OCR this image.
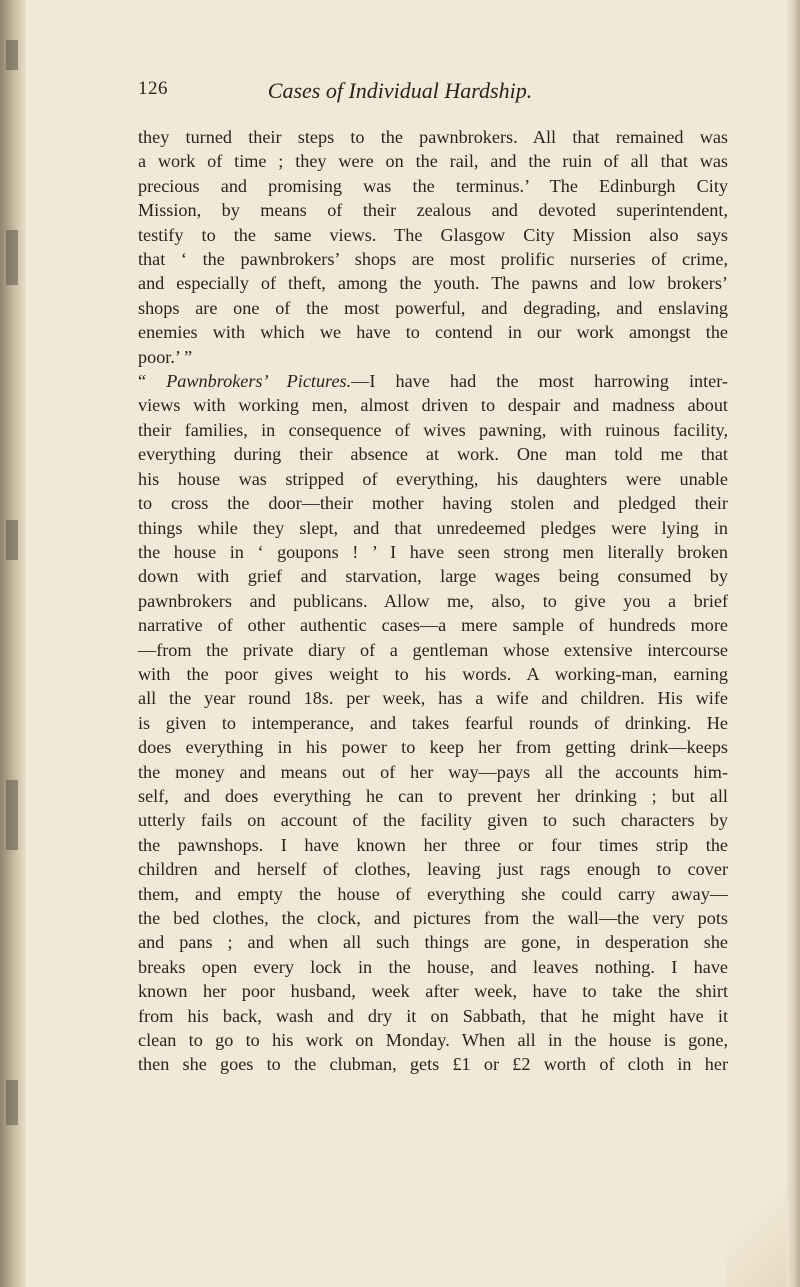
126	Cases of Individual Hardship.
they turned their steps to the pawnbrokers. All that remained was
a work of time ; they were on the rail, and the ruin of all that was
precious and promising was the terminus.’ The Edinburgh City
Mission, by means of their zealous and devoted superintendent,
testify to the same views. The Glasgow City Mission also says
that ‘ the pawnbrokers’ shops are most prolific nurseries of crime,
and especially of theft, among the youth. The pawns and low brokers’
shops are one of the most powerful, and degrading, and enslaving
enemies with which we have to contend in our work amongst the
poor.’ ”
“ Pawnbrokers’ Pictures.—I have had the most harrowing inter-
views with working men, almost driven to despair and madness about
their families, in consequence of wives pawning, with ruinous facility,
everything during their absence at work. One man told me that
his house was stripped of everything, his daughters were unable
to cross the door—their mother having stolen and pledged their
things while they slept, and that unredeemed pledges were lying in
the house in ‘ goupons ! ’ I have seen strong men literally broken
down with grief and starvation, large wages being consumed by
pawnbrokers and publicans. Allow me, also, to give you a brief
narrative of other authentic cases—a mere sample of hundreds more
—from the private diary of a gentleman whose extensive intercourse
with the poor gives weight to his words. A working-man, earning
all the year round 18s. per week, has a wife and children. His wife
is given to intemperance, and takes fearful rounds of drinking. He
does everything in his power to keep her from getting drink—keeps
the money and means out of her way—pays all the accounts him-
self, and does everything he can to prevent her drinking ; but all
utterly fails on account of the facility given to such characters by
the pawnshops. I have known her three or four times strip the
children and herself of clothes, leaving just rags enough to cover
them, and empty the house of everything she could carry away—
the bed clothes, the clock, and pictures from the wall—the very pots
and pans ; and when all such things are gone, in desperation she
breaks open every lock in the house, and leaves nothing. I have
known her poor husband, week after week, have to take the shirt
from his back, wash and dry it on Sabbath, that he might have it
clean to go to his work on Monday. When all in the house is gone,
then she goes to the clubman, gets £1 or £2 worth of cloth in her
